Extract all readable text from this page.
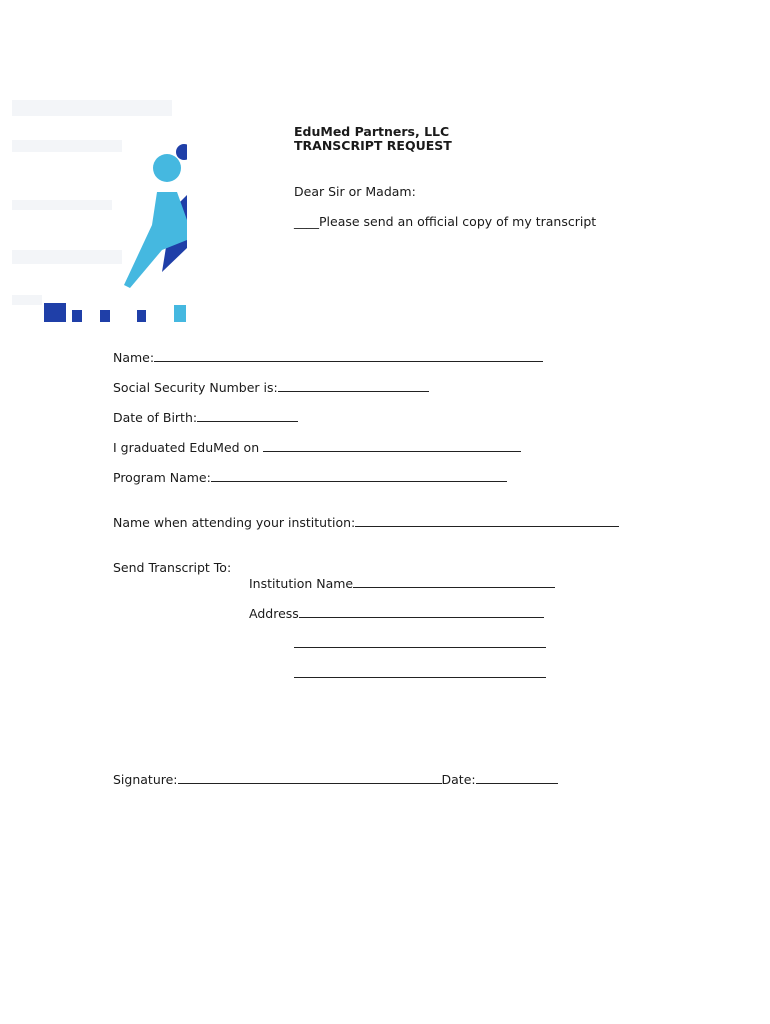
EduMed Partners, LLC
TRANSCRIPT REQUEST
Dear Sir or Madam:
____Please send an official copy of my transcript
Name:
Social Security Number is:
Date of Birth:
I graduated EduMed on
Program Name:
Name when attending your institution:
Send Transcript To:
Institution Name
Address
Signature:	Date:
